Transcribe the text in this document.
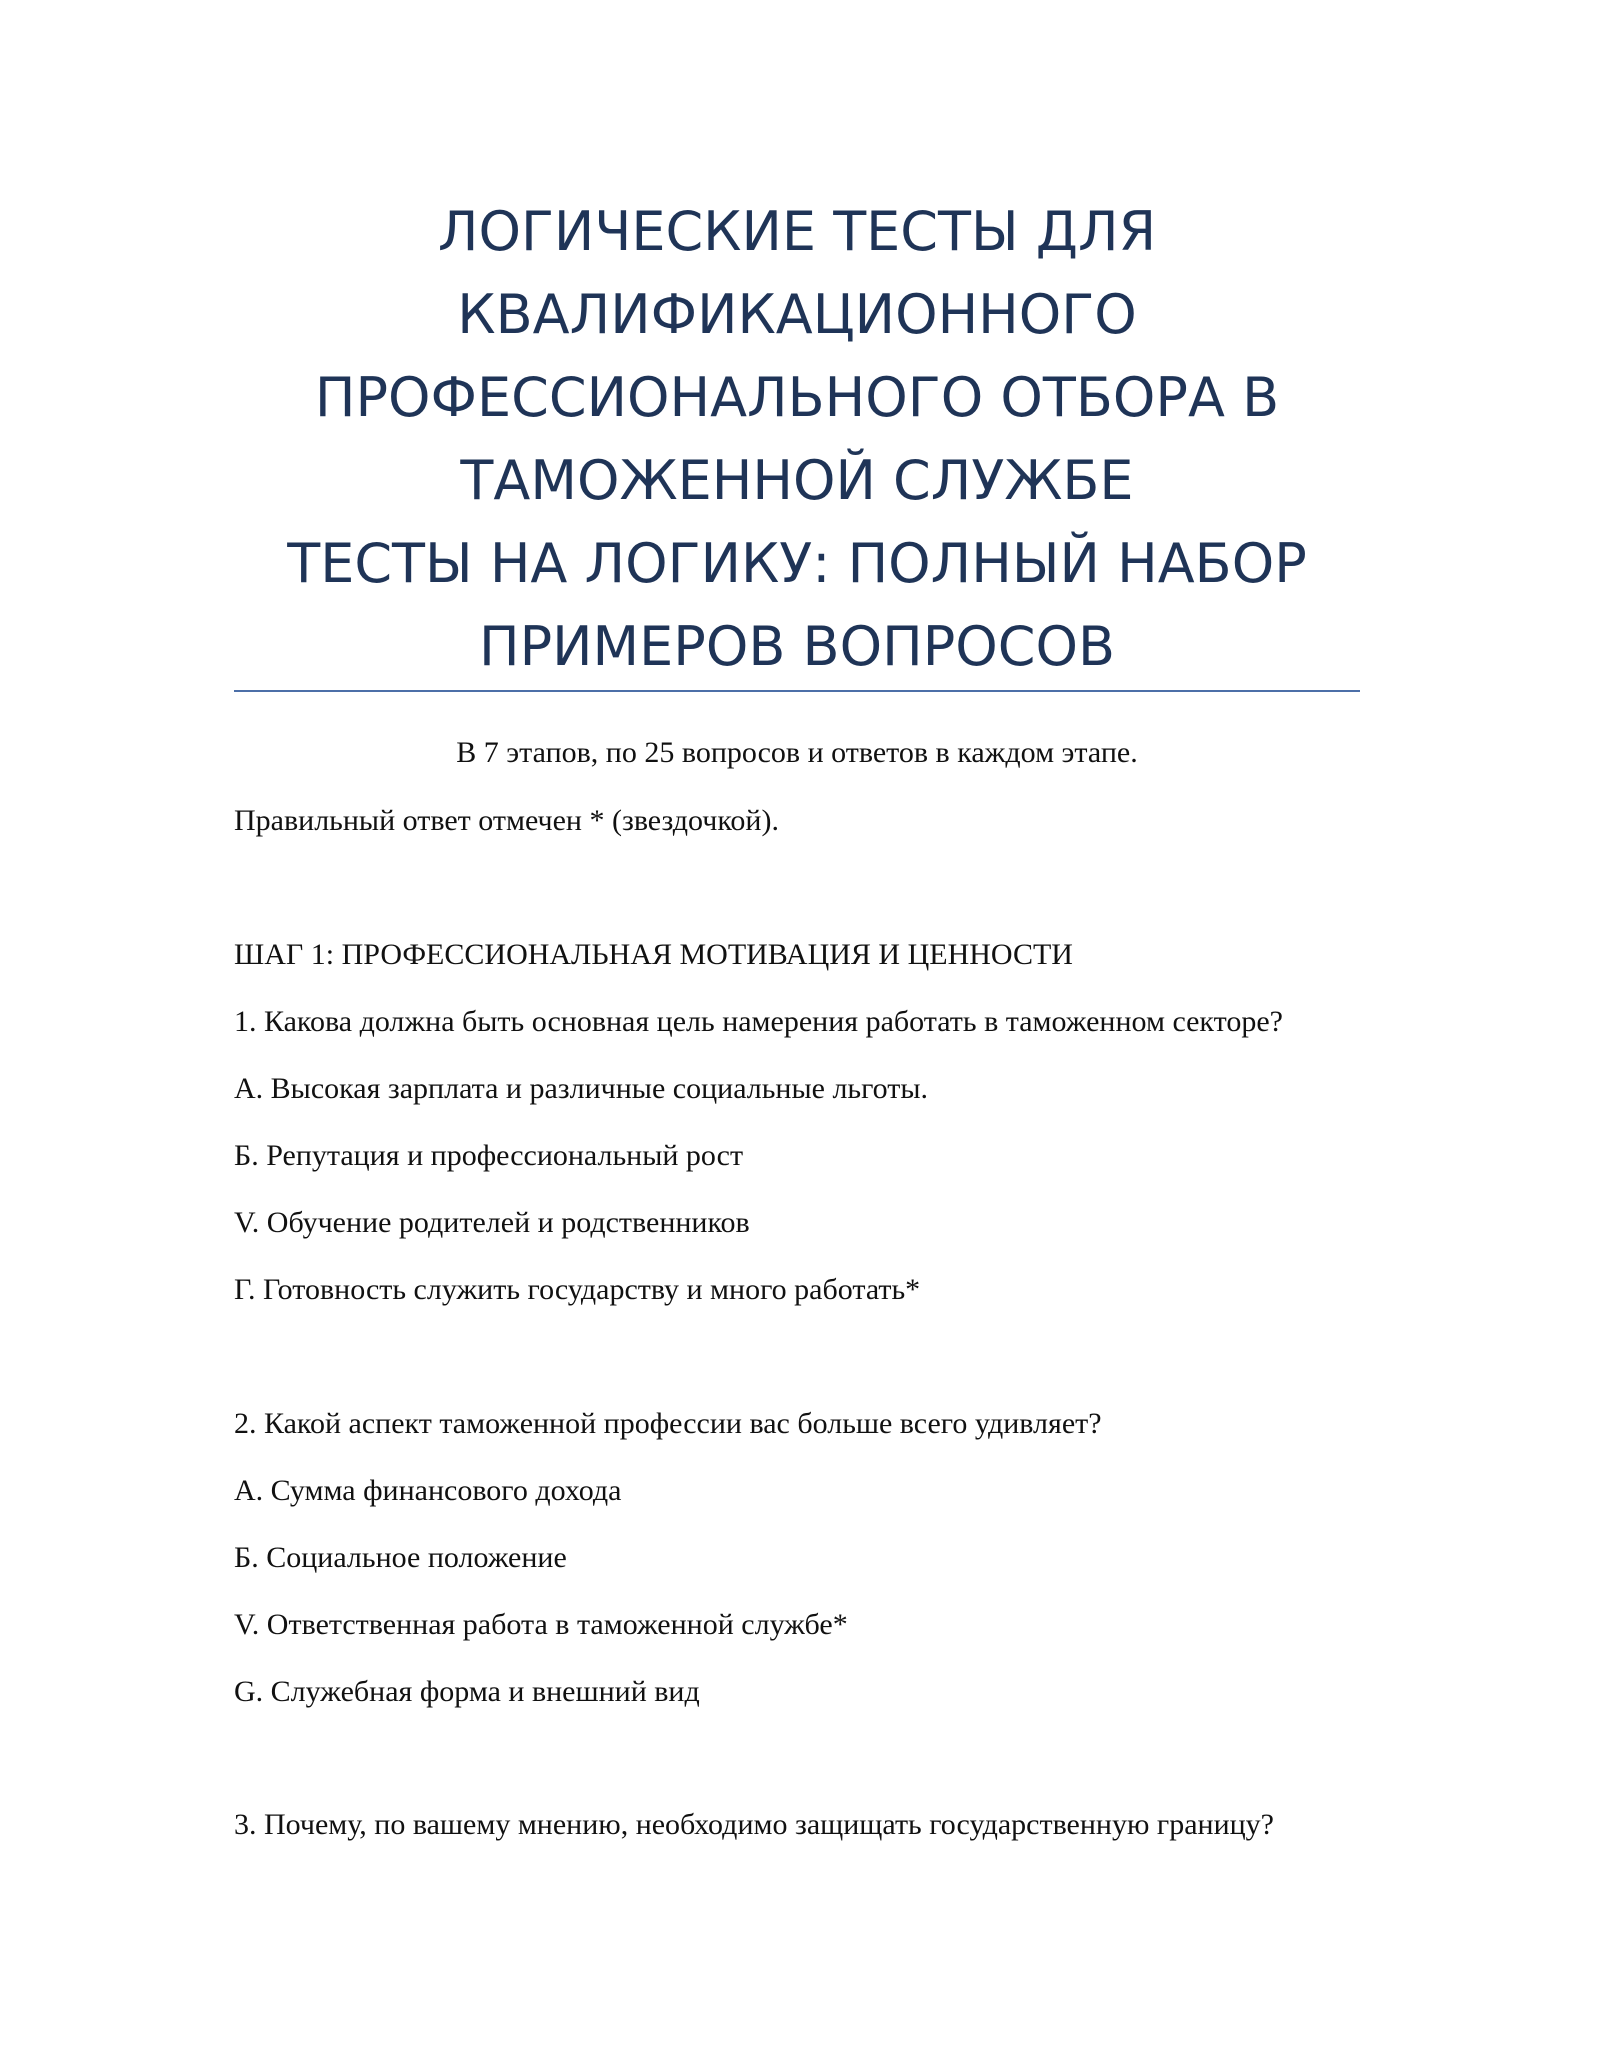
ЛОГИЧЕСКИЕ ТЕСТЫ ДЛЯ
КВАЛИФИКАЦИОННОГО
ПРОФЕССИОНАЛЬНОГО ОТБОРА В
ТАМОЖЕННОЙ СЛУЖБЕ
ТЕСТЫ НА ЛОГИКУ: ПОЛНЫЙ НАБОР
ПРИМЕРОВ ВОПРОСОВ
В 7 этапов, по 25 вопросов и ответов в каждом этапе.
Правильный ответ отмечен * (звездочкой).
ШАГ 1: ПРОФЕССИОНАЛЬНАЯ МОТИВАЦИЯ И ЦЕННОСТИ
1. Какова должна быть основная цель намерения работать в таможенном секторе?
А. Высокая зарплата и различные социальные льготы.
Б. Репутация и профессиональный рост
V. Обучение родителей и родственников
Г. Готовность служить государству и много работать*
2. Какой аспект таможенной профессии вас больше всего удивляет?
А. Сумма финансового дохода
Б. Социальное положение
V. Ответственная работа в таможенной службе*
G. Служебная форма и внешний вид
3. Почему, по вашему мнению, необходимо защищать государственную границу?
